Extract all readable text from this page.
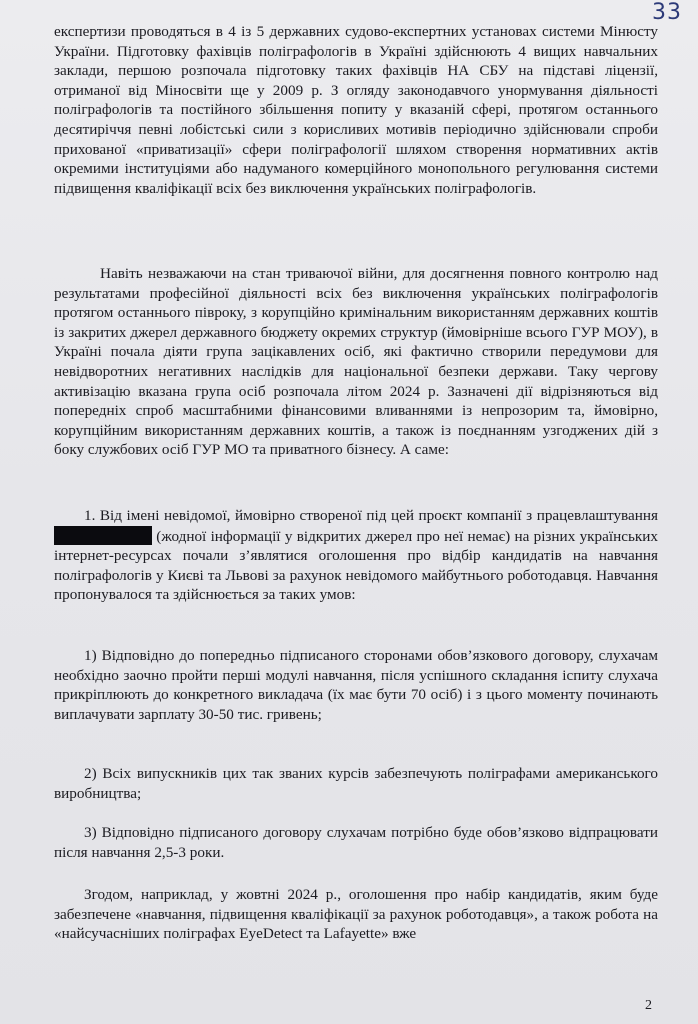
33

експертизи проводяться в 4 із 5 державних судово-експертних установах системи Мінюсту України. Підготовку фахівців поліграфологів в Україні здійснюють 4 вищих навчальних заклади, першою розпочала підготовку таких фахівців НА СБУ на підставі ліцензії, отриманої від Міносвіти ще у 2009 р. З огляду законодавчого унормування діяльності поліграфологів та постійного збільшення попиту у вказаній сфері, протягом останнього десятиріччя певні лобістські сили з корисливих мотивів періодично здійснювали спроби прихованої «приватизації» сфери поліграфології шляхом створення нормативних актів окремими інституціями або надуманого комерційного монопольного регулювання системи підвищення кваліфікації всіх без виключення українських поліграфологів.

Навіть незважаючи на стан триваючої війни, для досягнення повного контролю над результатами професійної діяльності всіх без виключення українських поліграфологів протягом останнього півроку, з корупційно кримінальним використанням державних коштів із закритих джерел державного бюджету окремих структур (ймовірніше всього ГУР МОУ), в Україні почала діяти група зацікавлених осіб, які фактично створили передумови для невідворотних негативних наслідків для національної безпеки держави. Таку чергову активізацію вказана група осіб розпочала літом 2024 р. Зазначені дії відрізняються від попередніх спроб масштабними фінансовими вливаннями із непрозорим та, ймовірно, корупційним використанням державних коштів, а також із поєднанням узгоджених дій з боку службових осіб ГУР МО та приватного бізнесу. А саме:

1. Від імені невідомої, ймовірно створеної під цей проєкт компанії з працевлаштування  (жодної інформації у відкритих джерел про неї немає) на різних українських інтернет-ресурсах почали з’являтися оголошення про відбір кандидатів на навчання поліграфологів у Києві та Львові за рахунок невідомого майбутнього роботодавця. Навчання пропонувалося та здійснюється за таких умов:

1) Відповідно до попередньо підписаного сторонами обов’язкового договору, слухачам необхідно заочно пройти перші модулі навчання, після успішного складання іспиту слухача прикріплюють до конкретного викладача (їх має бути 70 осіб) і з цього моменту починають виплачувати зарплату 30-50 тис. гривень;

2) Всіх випускників цих так званих курсів забезпечують поліграфами американського виробництва;

3) Відповідно підписаного договору слухачам потрібно буде обов’язково відпрацювати після навчання 2,5-3 роки.

Згодом, наприклад, у жовтні 2024 р., оголошення про набір кандидатів, яким буде забезпечене «навчання, підвищення кваліфікації за рахунок роботодавця», а також робота на «найсучасніших поліграфах EyeDetect та Lafayette» вже

2
